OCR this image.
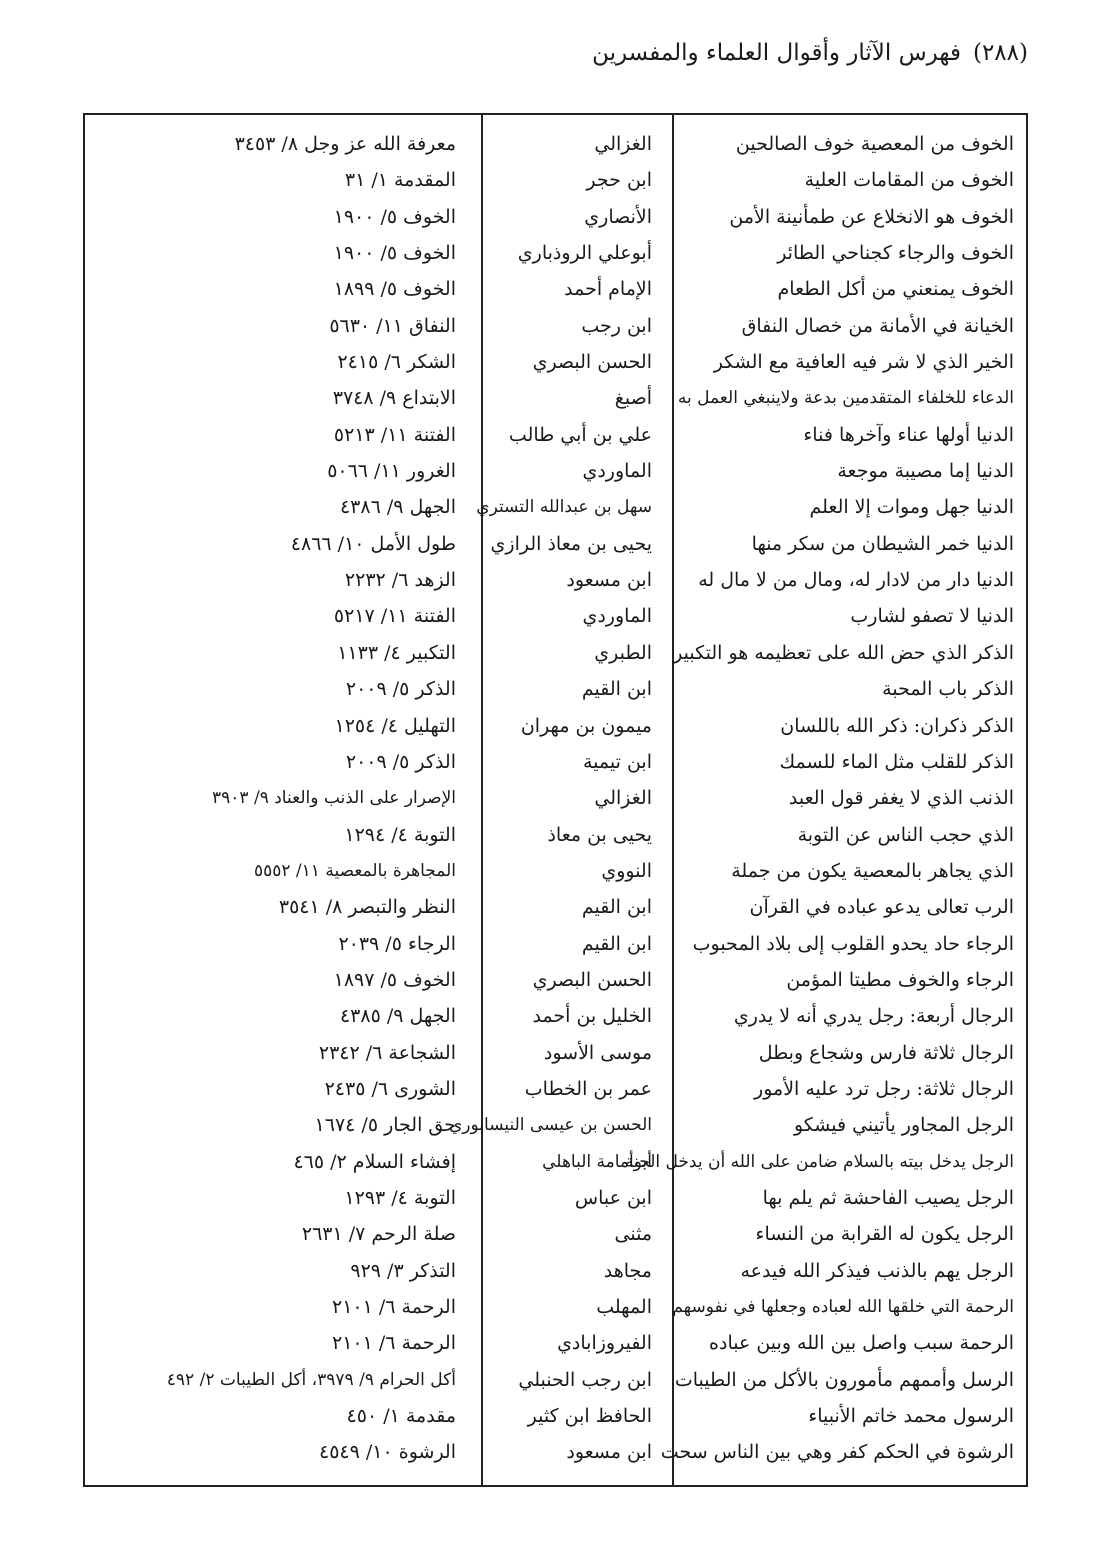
(٢٨٨)
فهرس الآثار وأقوال العلماء والمفسرين
الخوف من المعصية خوف الصالحين
الغزالي
معرفة الله عز وجل ٨/ ٣٤٥٣
الخوف من المقامات العلية
ابن حجر
المقدمة ١/ ٣١
الخوف هو الانخلاع عن طمأنينة الأمن
الأنصاري
الخوف ٥/ ١٩٠٠
الخوف والرجاء كجناحي الطائر
أبوعلي الروذباري
الخوف ٥/ ١٩٠٠
الخوف يمنعني من أكل الطعام
الإمام أحمد
الخوف ٥/ ١٨٩٩
الخيانة في الأمانة من خصال النفاق
ابن رجب
النفاق ١١/ ٥٦٣٠
الخير الذي لا شر فيه العافية مع الشكر
الحسن البصري
الشكر ٦/ ٢٤١٥
الدعاء للخلفاء المتقدمين بدعة ولاينبغي العمل به
أصبغ
الابتداع ٩/ ٣٧٤٨
الدنيا أولها عناء وآخرها فناء
علي بن أبي طالب
الفتنة ١١/ ٥٢١٣
الدنيا إما مصيبة موجعة
الماوردي
الغرور ١١/ ٥٠٦٦
الدنيا جهل وموات إلا العلم
سهل بن عبدالله التستري
الجهل ٩/ ٤٣٨٦
الدنيا خمر الشيطان من سكر منها
يحيى بن معاذ الرازي
طول الأمل ١٠/ ٤٨٦٦
الدنيا دار من لادار له، ومال من لا مال له
ابن مسعود
الزهد ٦/ ٢٢٣٢
الدنيا لا تصفو لشارب
الماوردي
الفتنة ١١/ ٥٢١٧
الذكر الذي حض الله على تعظيمه هو التكبير
الطبري
التكبير ٤/ ١١٣٣
الذكر باب المحبة
ابن القيم
الذكر ٥/ ٢٠٠٩
الذكر ذكران: ذكر الله باللسان
ميمون بن مهران
التهليل ٤/ ١٢٥٤
الذكر للقلب مثل الماء للسمك
ابن تيمية
الذكر ٥/ ٢٠٠٩
الذنب الذي لا يغفر قول العبد
الغزالي
الإصرار على الذنب والعناد ٩/ ٣٩٠٣
الذي حجب الناس عن التوبة
يحيى بن معاذ
التوبة ٤/ ١٢٩٤
الذي يجاهر بالمعصية يكون من جملة
النووي
المجاهرة بالمعصية ١١/ ٥٥٥٢
الرب تعالى يدعو عباده في القرآن
ابن القيم
النظر والتبصر ٨/ ٣٥٤١
الرجاء حاد يحدو القلوب إلى بلاد المحبوب
ابن القيم
الرجاء ٥/ ٢٠٣٩
الرجاء والخوف مطيتا المؤمن
الحسن البصري
الخوف ٥/ ١٨٩٧
الرجال أربعة: رجل يدري أنه لا يدري
الخليل بن أحمد
الجهل ٩/ ٤٣٨٥
الرجال ثلاثة فارس وشجاع وبطل
موسى الأسود
الشجاعة ٦/ ٢٣٤٢
الرجال ثلاثة: رجل ترد عليه الأمور
عمر بن الخطاب
الشورى ٦/ ٢٤٣٥
الرجل المجاور يأتيني فيشكو
الحسن بن عيسى النيسابوري
حق الجار ٥/ ١٦٧٤
الرجل يدخل بيته بالسلام ضامن على الله أن يدخل الجنة
أبوأمامة الباهلي
إفشاء السلام ٢/ ٤٦٥
الرجل يصيب الفاحشة ثم يلم بها
ابن عباس
التوبة ٤/ ١٢٩٣
الرجل يكون له القرابة من النساء
مثنى
صلة الرحم ٧/ ٢٦٣١
الرجل يهم بالذنب فيذكر الله فيدعه
مجاهد
التذكر ٣/ ٩٢٩
الرحمة التي خلقها الله لعباده وجعلها في نفوسهم
المهلب
الرحمة ٦/ ٢١٠١
الرحمة سبب واصل بين الله وبين عباده
الفيروزابادي
الرحمة ٦/ ٢١٠١
الرسل وأممهم مأمورون بالأكل من الطيبات
ابن رجب الحنبلي
أكل الحرام ٩/ ٣٩٧٩، أكل الطيبات ٢/ ٤٩٢
الرسول محمد خاتم الأنبياء
الحافظ ابن كثير
مقدمة ١/ ٤٥٠
الرشوة في الحكم كفر وهي بين الناس سحت
ابن مسعود
الرشوة ١٠/ ٤٥٤٩
